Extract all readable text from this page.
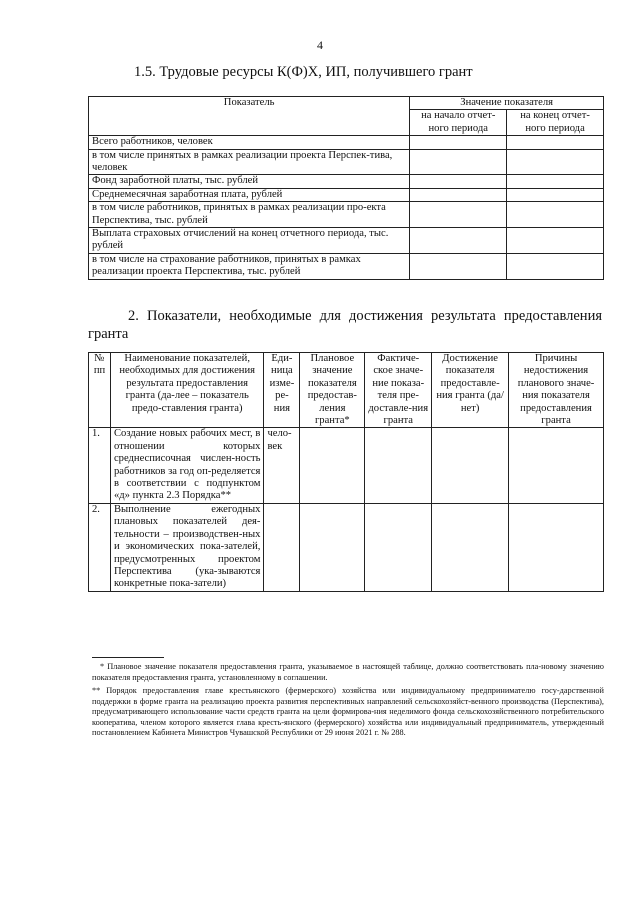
4
1.5. Трудовые ресурсы К(Ф)Х, ИП, получившего грант
Показатель	Значение показателя	
	на начало отчет-ного периода	на конец отчет-ного периода
Всего работников, человек		
в том числе принятых в рамках реализации проекта Перспек-тива, человек		
Фонд заработной платы, тыс. рублей		
Среднемесячная заработная плата, рублей		
в том числе работников, принятых в рамках реализации про-екта Перспектива, тыс. рублей		
Выплата страховых отчислений на конец отчетного периода, тыс. рублей		
в том числе на страхование работников, принятых в рамках реализации проекта Перспектива, тыс. рублей		
2. Показатели, необходимые для достижения результата предоставления гранта
№ пп	Наименование показателей, необходимых для достижения результата предоставления гранта (да-лее – показатель предо-ставления гранта)	Еди-ница изме-ре-ния	Плановое значение показателя предостав-ления гранта*	Фактиче-ское значе-ние показа-теля пре-доставле-ния гранта	Достижение показателя предоставле-ния гранта (да/нет)	Причины недостижения планового значе-ния показателя предоставления гранта
1.	Создание новых рабочих мест, в отношении которых среднесписочная числен-ность работников за год оп-ределяется в соответствии с подпунктом «д» пункта 2.3 Порядка**	чело-век				
2.	Выполнение ежегодных плановых показателей дея-тельности – производствен-ных и экономических пока-зателей, предусмотренных проектом Перспектива (ука-зываются конкретные пока-затели)					
* Плановое значение показателя предоставления гранта, указываемое в настоящей таблице, должно соответствовать пла-новому значению показателя предоставления гранта, установленному в соглашении.
** Порядок предоставления главе крестьянского (фермерского) хозяйства или индивидуальному предпринимателю госу-дарственной поддержки в форме гранта на реализацию проекта развития перспективных направлений сельскохозяйст-венного производства (Перспектива), предусматривающего использование части средств гранта на цели формирова-ния неделимого фонда сельскохозяйственного потребительского кооператива, членом которого является глава кресть-янского (фермерского) хозяйства или индивидуальный предприниматель, утвержденный постановлением Кабинета Министров Чувашской Республики от 29 июня 2021 г. № 288.
